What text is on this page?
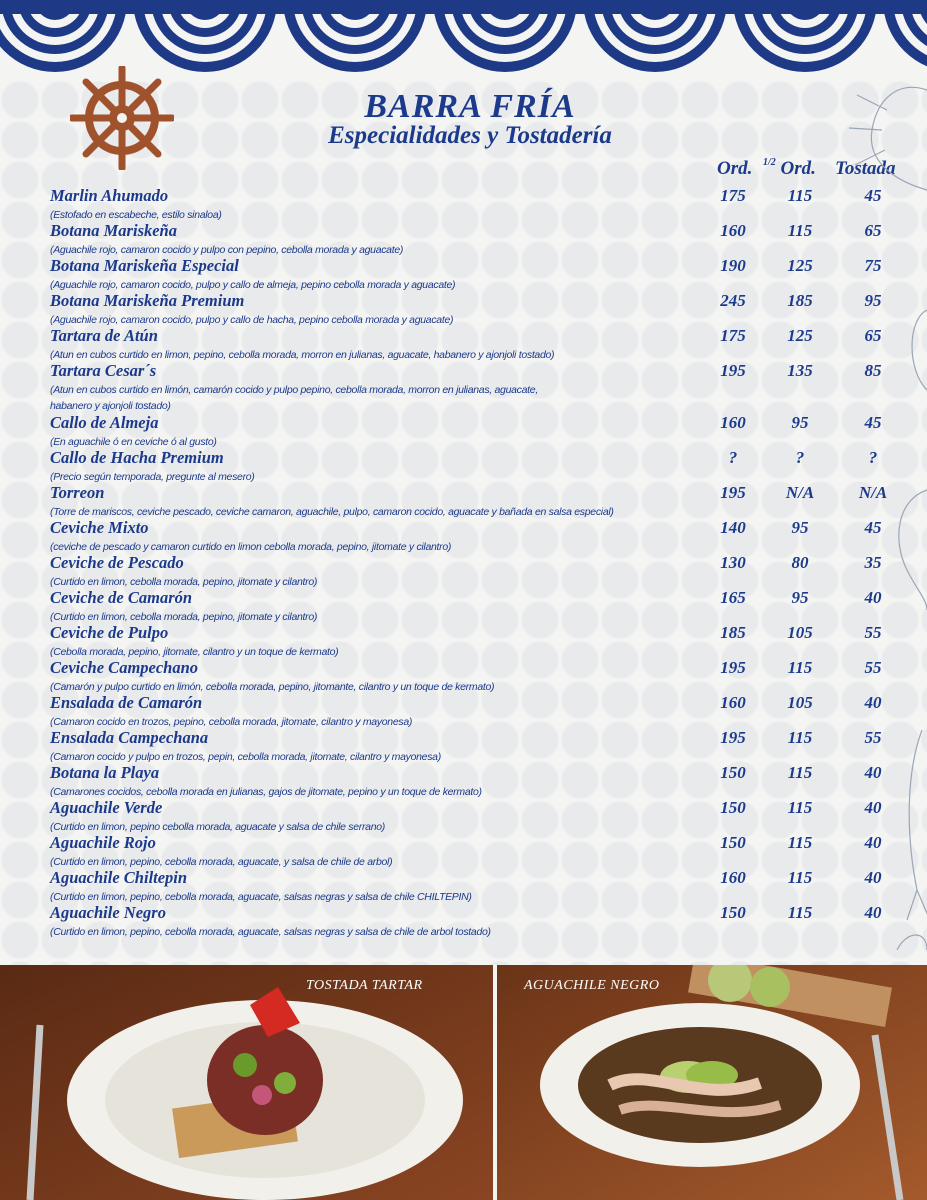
BARRA FRÍA
Especialidades y Tostadería
Ord. $^{1/2}$ Ord. Tostada
Marlin Ahumado
(Estofado en escabeche, estilo sinaloa)
175	115	45
Botana Mariskeña
(Aguachile rojo, camaron cocido y pulpo con pepino, cebolla morada y aguacate)
160	115	65
Botana Mariskeña Especial
(Aguachile rojo, camaron cocido, pulpo y callo de almeja, pepino cebolla morada y aguacate)
190	125	75
Botana Mariskeña Premium
(Aguachile rojo, camaron cocido, pulpo y callo de hacha, pepino cebolla morada y aguacate)
245	185	95
Tartara de Atún
(Atun en cubos curtido en limon, pepino, cebolla morada, morron en julianas, aguacate, habanero y ajonjoli tostado)
175	125	65
Tartara Cesar´s
(Atun en cubos curtido en limón, camarón cocido y pulpo pepino, cebolla morada, morron en julianas, aguacate, habanero y ajonjoli tostado)
195	135	85
Callo de Almeja
(En aguachile ó en ceviche ó al gusto)
160	95	45
Callo de Hacha Premium
(Precio según temporada, pregunte al mesero)
?	?	?
Torreon
(Torre de mariscos, ceviche pescado, ceviche camaron, aguachile, pulpo, camaron cocido, aguacate y bañada en salsa especial)
195	N/A	N/A
Ceviche Mixto
(ceviche de pescado y camaron curtido en limon cebolla morada, pepino, jitomate y cilantro)
140	95	45
Ceviche de Pescado
(Curtido en limon, cebolla morada, pepino, jitomate y cilantro)
130	80	35
Ceviche de Camarón
(Curtido en limon, cebolla morada, pepino, jitomate y cilantro)
165	95	40
Ceviche de Pulpo
(Cebolla morada, pepino, jitomate, cilantro y un toque de kermato)
185	105	55
Ceviche Campechano
(Camarón y pulpo curtido en limón, cebolla morada, pepino, jitomante, cilantro y un toque de kermato)
195	115	55
Ensalada de Camarón
(Camaron cocido en trozos, pepino, cebolla morada, jitomate, cilantro y mayonesa)
160	105	40
Ensalada Campechana
(Camaron cocido y pulpo en trozos, pepin, cebolla morada, jitomate, cilantro y mayonesa)
195	115	55
Botana la Playa
(Camarones cocidos, cebolla morada en julianas, gajos de jitomate, pepino y un toque de kermato)
150	115	40
Aguachile Verde
(Curtido en limon, pepino cebolla morada, aguacate y salsa de chile serrano)
150	115	40
Aguachile Rojo
(Curtido en limon, pepino, cebolla morada, aguacate, y salsa de chile de arbol)
150	115	40
Aguachile Chiltepin
(Curtido en limon, pepino, cebolla morada, aguacate, salsas negras y salsa de chile CHILTEPIN)
160	115	40
Aguachile Negro
(Curtido en limon, pepino, cebolla morada, aguacate, salsas negras y salsa de chile de arbol tostado)
150	115	40
TOSTADA TARTAR	AGUACHILE NEGRO
